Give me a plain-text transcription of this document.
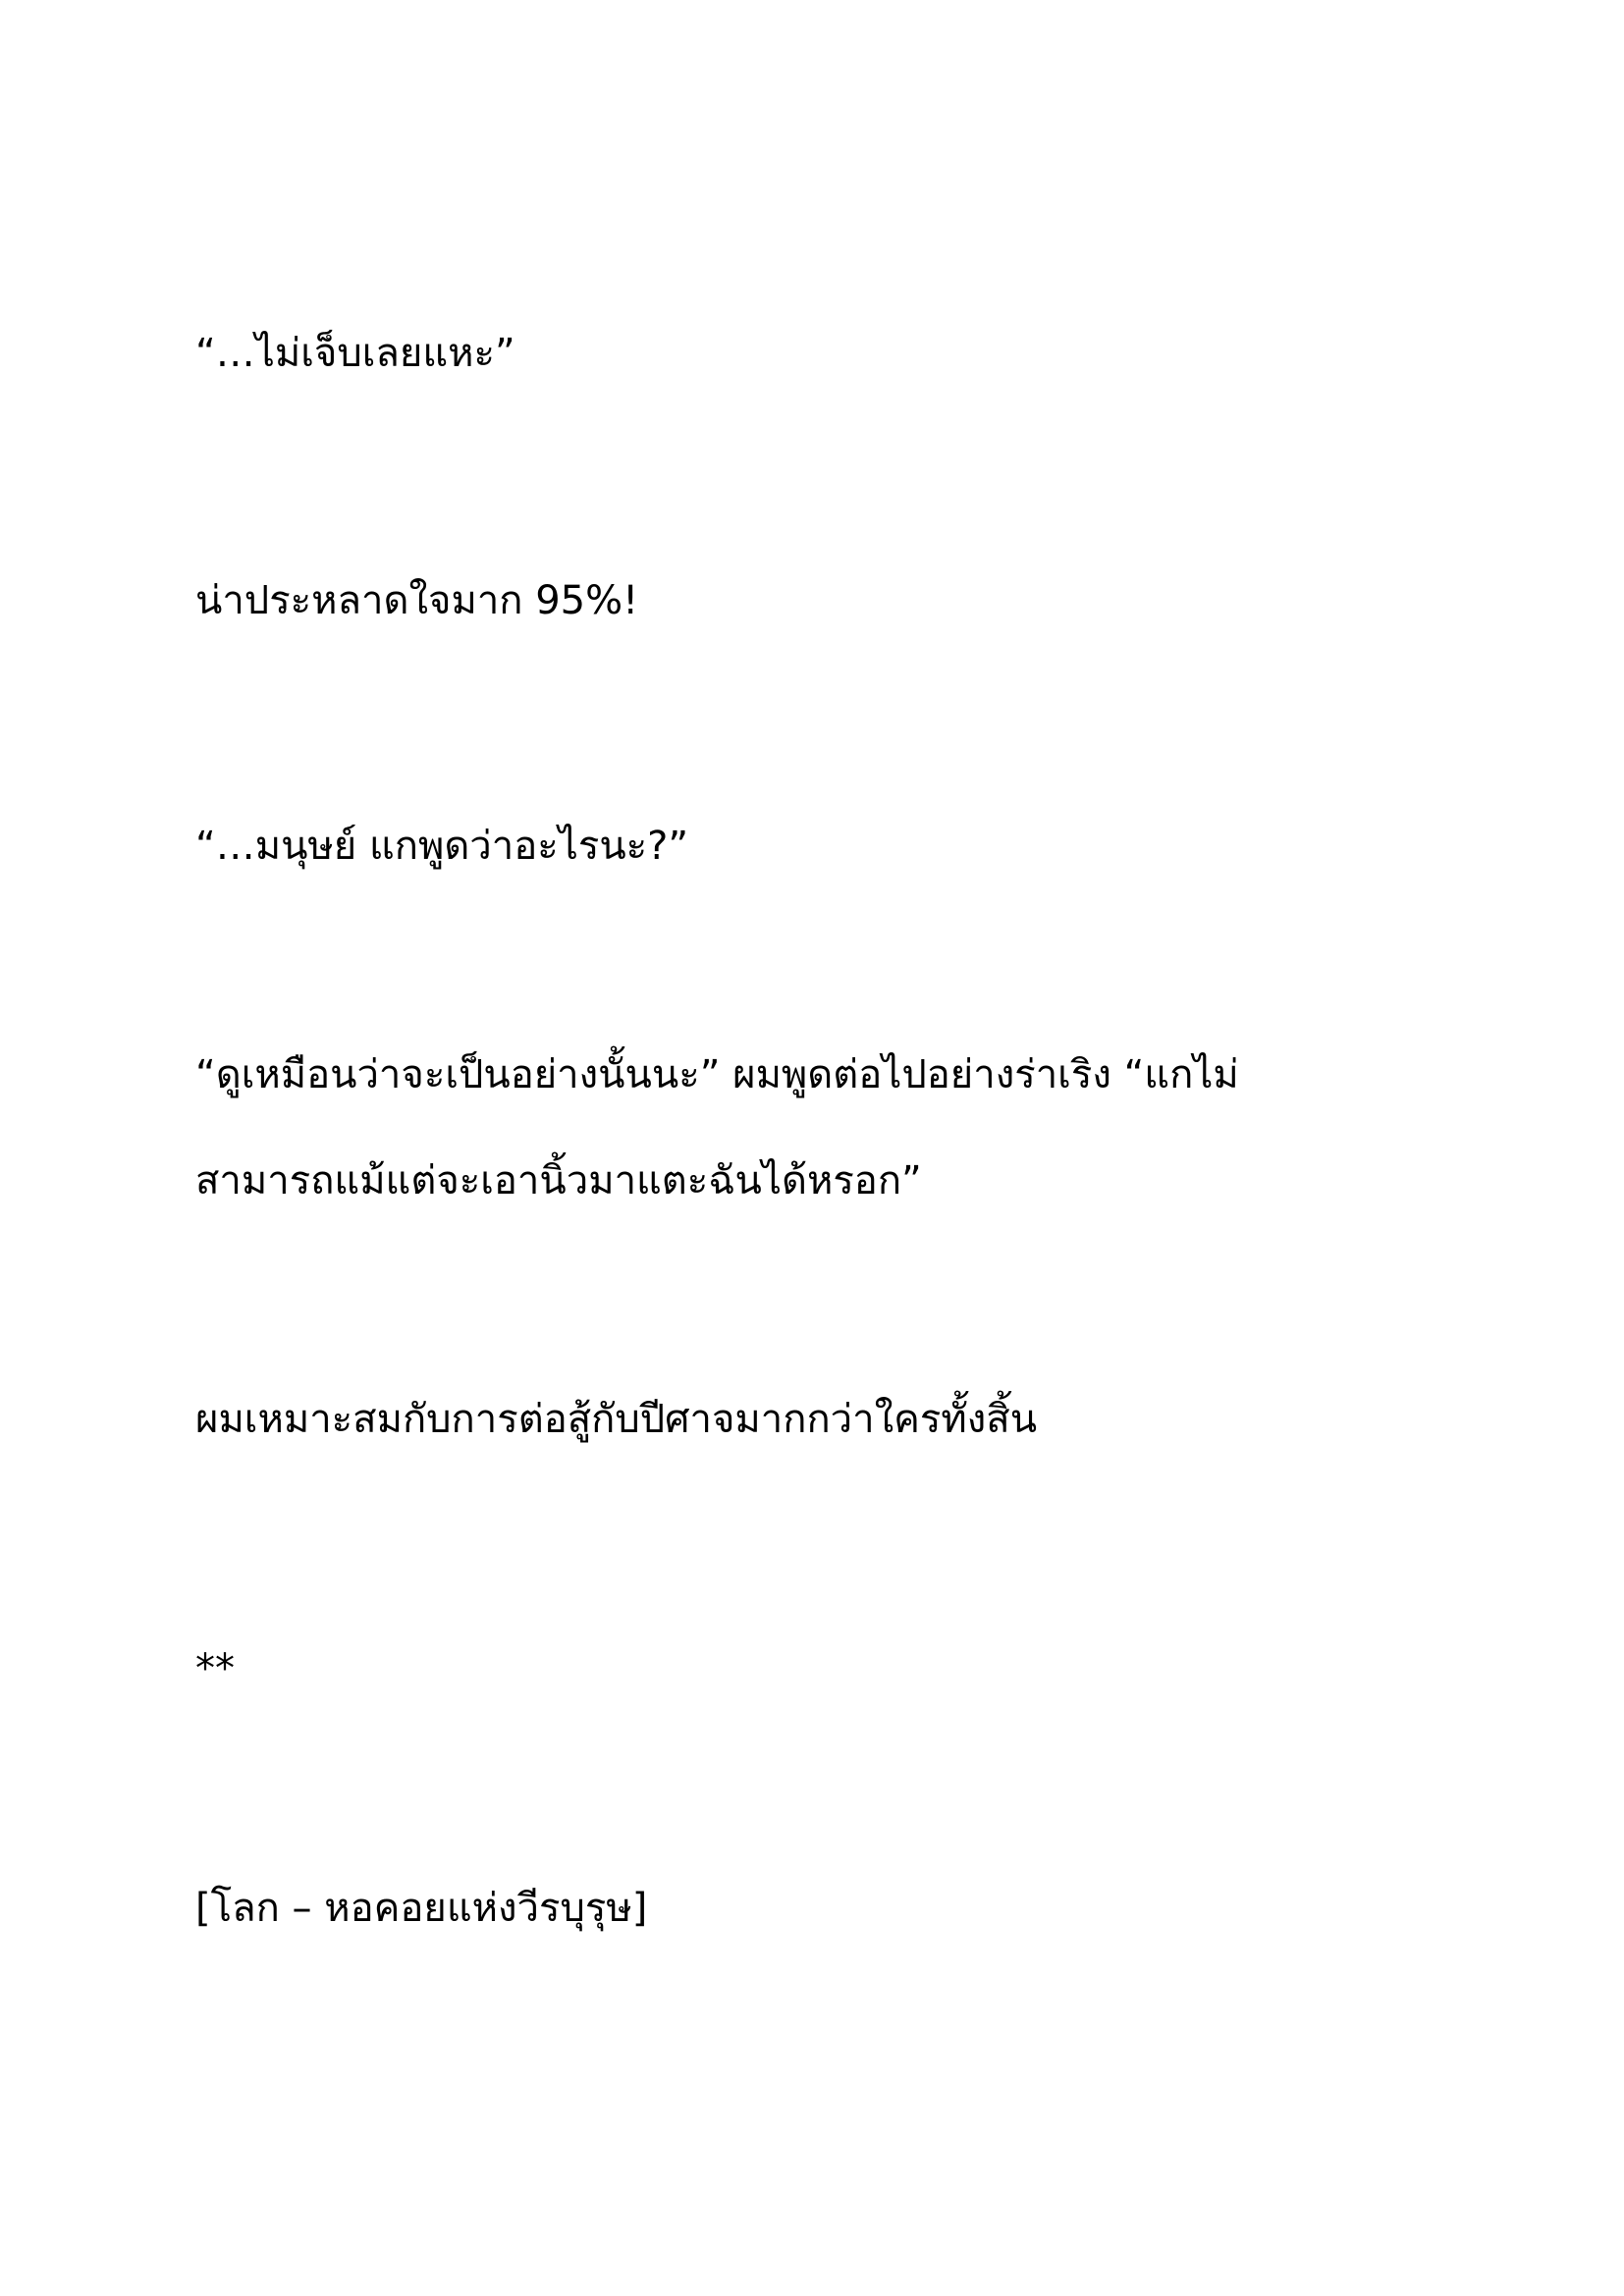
“…ไม่เจ็บเลยแหะ”
น่าประหลาดใจมาก 95%!
“…มนุษย์ แกพูดว่าอะไรนะ?”
“ดูเหมือนว่าจะเป็นอย่างนั้นนะ” ผมพูดต่อไปอย่างร่าเริง “แกไม่
สามารถแม้แต่จะเอานิ้วมาแตะฉันได้หรอก”
ผมเหมาะสมกับการต่อสู้กับปีศาจมากกว่าใครทั้งสิ้น
**
[โลก – หอคอยแห่งวีรบุรุษ]
